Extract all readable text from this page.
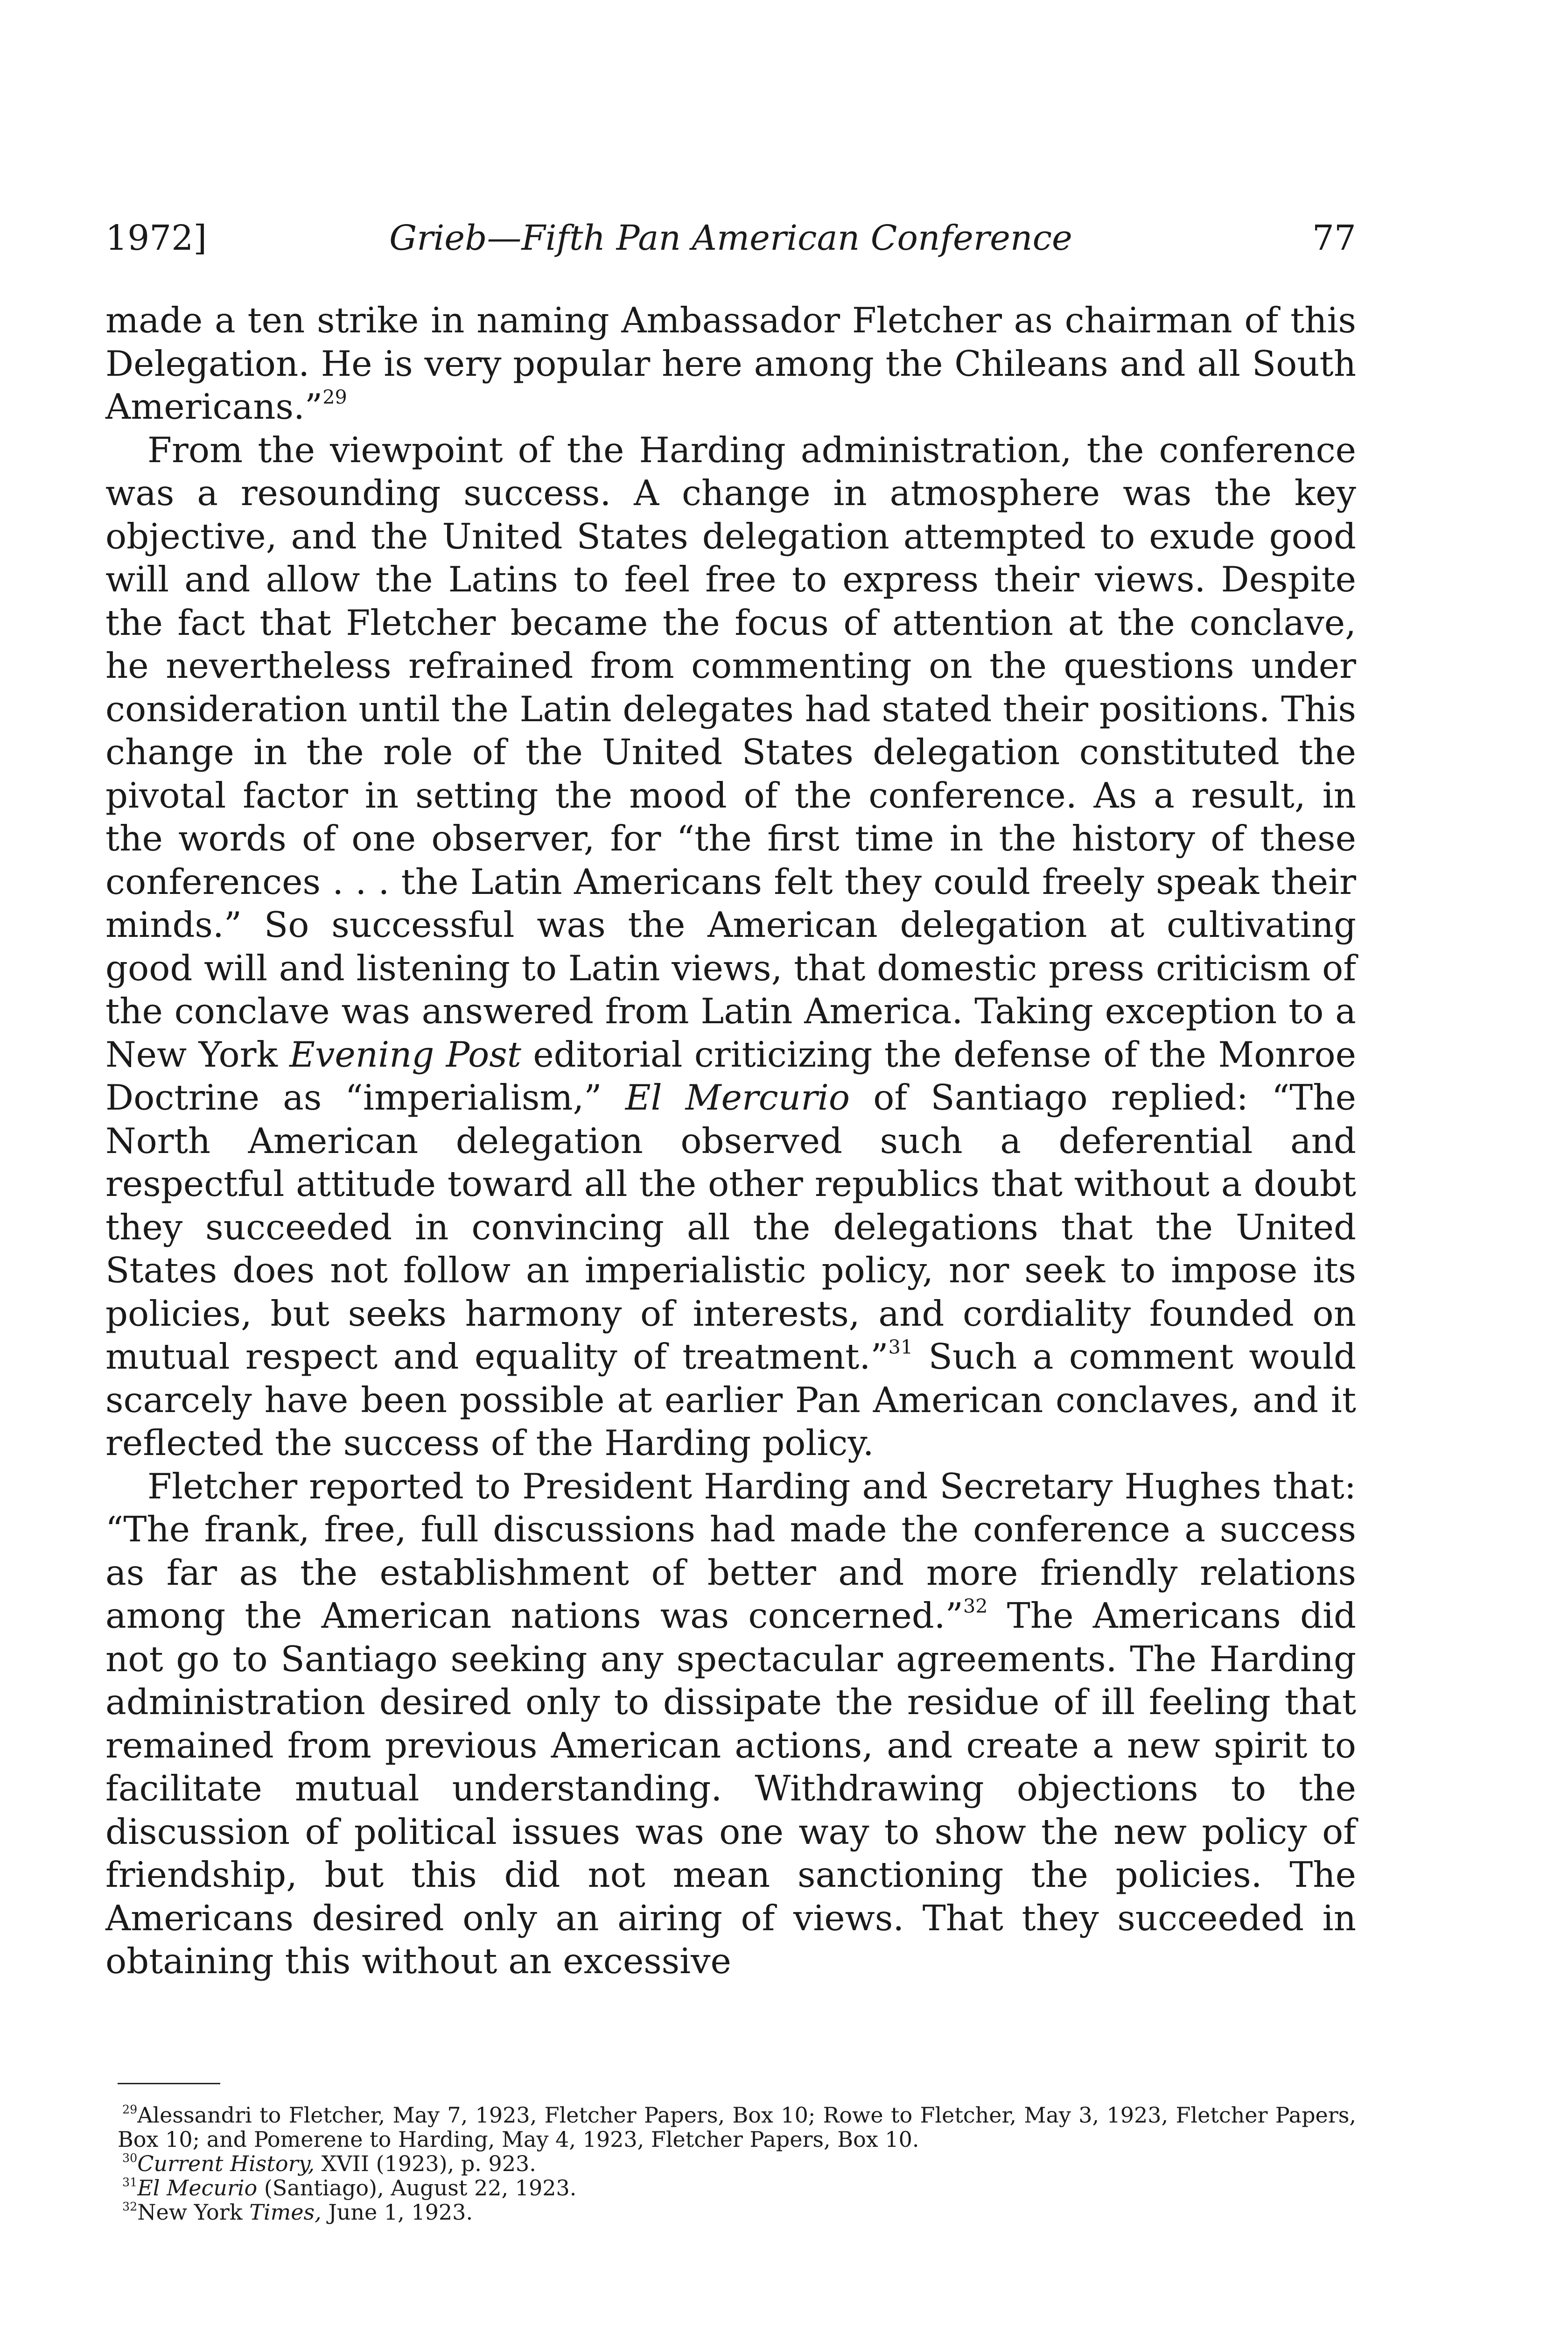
1972]	Grieb—Fifth Pan American Conference	77

made a ten strike in naming Ambassador Fletcher as chairman of this Delegation. He is very popular here among the Chileans and all South Americans.”$^{29}$

From the viewpoint of the Harding administration, the conference was a resounding success. A change in atmosphere was the key objective, and the United States delegation attempted to exude good will and allow the Latins to feel free to express their views. Despite the fact that Fletcher became the focus of attention at the conclave, he nevertheless refrained from commenting on the questions under consideration until the Latin delegates had stated their positions. This change in the role of the United States delegation constituted the pivotal factor in setting the mood of the conference. As a result, in the words of one observer, for “the first time in the history of these conferences . . . the Latin Americans felt they could freely speak their minds.” So successful was the American delegation at cultivating good will and listening to Latin views, that domestic press criticism of the conclave was answered from Latin America. Taking exception to a New York Evening Post editorial criticizing the defense of the Monroe Doctrine as “imperialism,” El Mercurio of Santiago replied: “The North American delegation observed such a deferential and respectful attitude toward all the other republics that without a doubt they succeeded in convincing all the delegations that the United States does not follow an imperialistic policy, nor seek to impose its policies, but seeks harmony of interests, and cordiality founded on mutual respect and equality of treatment.”$^{31}$ Such a comment would scarcely have been possible at earlier Pan American conclaves, and it reflected the success of the Harding policy.

Fletcher reported to President Harding and Secretary Hughes that: “The frank, free, full discussions had made the conference a success as far as the establishment of better and more friendly relations among the American nations was concerned.”$^{32}$ The Americans did not go to Santiago seeking any spectacular agreements. The Harding administration desired only to dissipate the residue of ill feeling that remained from previous American actions, and create a new spirit to facilitate mutual understanding. Withdrawing objections to the discussion of political issues was one way to show the new policy of friendship, but this did not mean sanctioning the policies. The Americans desired only an airing of views. That they succeeded in obtaining this without an excessive

$^{29}$Alessandri to Fletcher, May 7, 1923, Fletcher Papers, Box 10; Rowe to Fletcher, May 3, 1923, Fletcher Papers, Box 10; and Pomerene to Harding, May 4, 1923, Fletcher Papers, Box 10.

$^{30}$Current History, XVII (1923), p. 923.

$^{31}$El Mecurio (Santiago), August 22, 1923.

$^{32}$New York Times, June 1, 1923.
